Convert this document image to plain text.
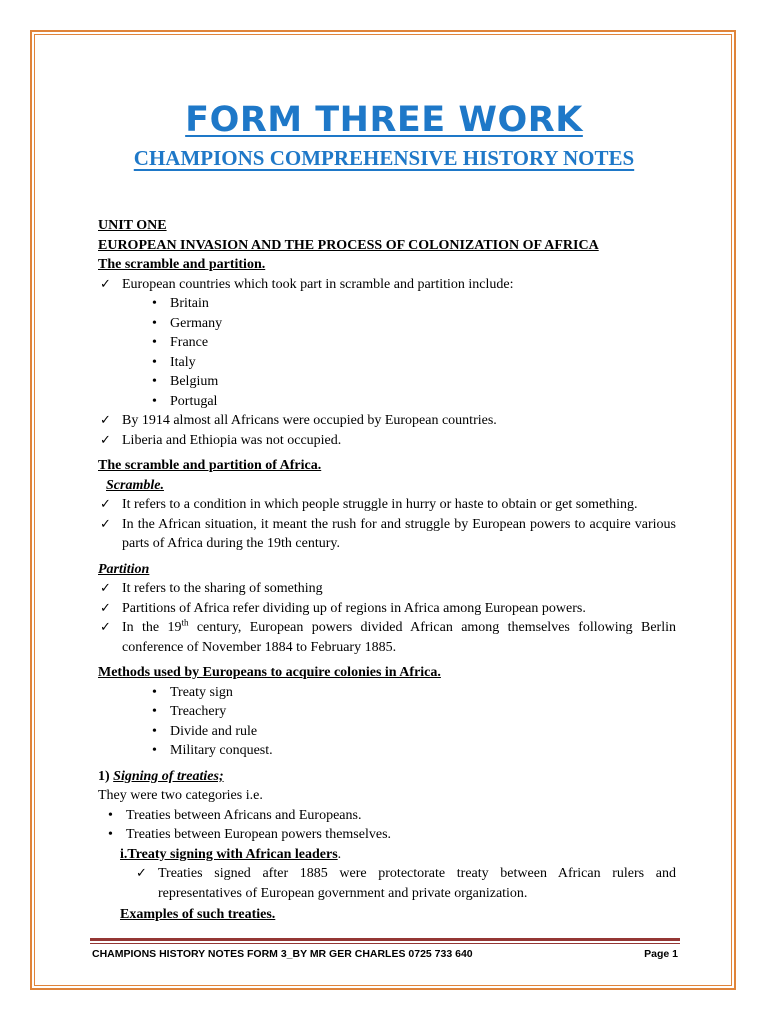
FORM THREE WORK
CHAMPIONS COMPREHENSIVE HISTORY NOTES

UNIT ONE

EUROPEAN INVASION AND THE PROCESS OF COLONIZATION OF AFRICA

The scramble and partition.

✓ European countries which took part in scramble and partition include:
• Britain
• Germany
• France
• Italy
• Belgium
• Portugal
✓ By 1914 almost all Africans were occupied by European countries.
✓ Liberia and Ethiopia was not occupied.

The scramble and partition of Africa.

Scramble.

✓ It refers to a condition in which people struggle in hurry or haste to obtain or get something.
✓ In the African situation, it meant the rush for and struggle by European powers to acquire various parts of Africa during the 19th century.

Partition

✓ It refers to the sharing of something
✓ Partitions of Africa refer dividing up of regions in Africa among European powers.
✓ In the 19th century, European powers divided African among themselves following Berlin conference of November 1884 to February 1885.

Methods used by Europeans to acquire colonies in Africa.

• Treaty sign
• Treachery
• Divide and rule
• Military conquest.

1) Signing of treaties;

They were two categories i.e.

• Treaties between Africans and Europeans.
• Treaties between European powers themselves.

i.Treaty signing with African leaders.

✓ Treaties signed after 1885 were protectorate treaty between African rulers and representatives of European government and private organization.

Examples of such treaties.

CHAMPIONS HISTORY NOTES FORM 3_BY MR GER CHARLES 0725 733 640	Page 1
